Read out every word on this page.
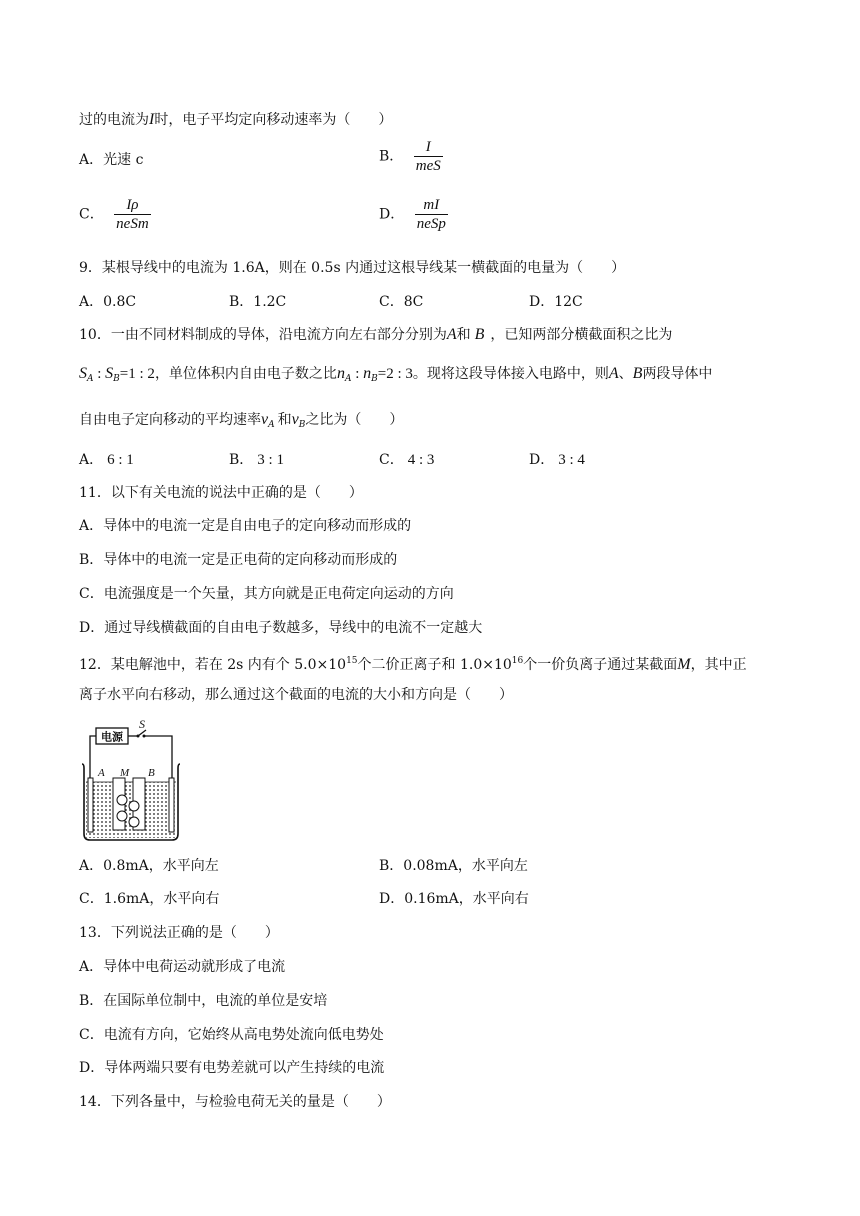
过的电流为I时，电子平均定向移动速率为（　　）
A．光速 c	B． $\frac{I}{\text{meS}}$
C． $\frac{I\rho}{\text{neSm}}$	D． $\frac{mI}{\text{neSp}}$
9．某根导线中的电流为 1.6A，则在 0.5s 内通过这根导线某一横截面的电量为（　　）
A．0.8C	B．1.2C	C．8C	D．12C
10．一由不同材料制成的导体，沿电流方向左右部分分别为A和 B ，已知两部分横截面积之比为
$S_A$ : $S_B=1$ : 2，单位体积内自由电子数之比$n_A$ : $n_B=2$ : 3。现将这段导体接入电路中，则A、B两段导体中
自由电子定向移动的平均速率$v_A$ 和$v_B$之比为（　　）
A． 6 : 1	B． 3 : 1	C． 4 : 3	D． 3 : 4
11．以下有关电流的说法中正确的是（　　）
A．导体中的电流一定是自由电子的定向移动而形成的
B．导体中的电流一定是正电荷的定向移动而形成的
C．电流强度是一个矢量，其方向就是正电荷定向运动的方向
D．通过导线横截面的自由电子数越多，导线中的电流不一定越大
12．某电解池中，若在 2s 内有个 $5.0\times 10^{15}$个二价正离子和 $1.0\times 10^{16}$个一价负离子通过某截面M，其中正
离子水平向右移动，那么通过这个截面的电流的大小和方向是（　　）
S
电源
A M B
A．0.8mA，水平向左	B．0.08mA，水平向左
C．1.6mA，水平向右	D．0.16mA，水平向右
13．下列说法正确的是（　　）
A．导体中电荷运动就形成了电流
B．在国际单位制中，电流的单位是安培
C．电流有方向，它始终从高电势处流向低电势处
D．导体两端只要有电势差就可以产生持续的电流
14．下列各量中，与检验电荷无关的量是（　　）
